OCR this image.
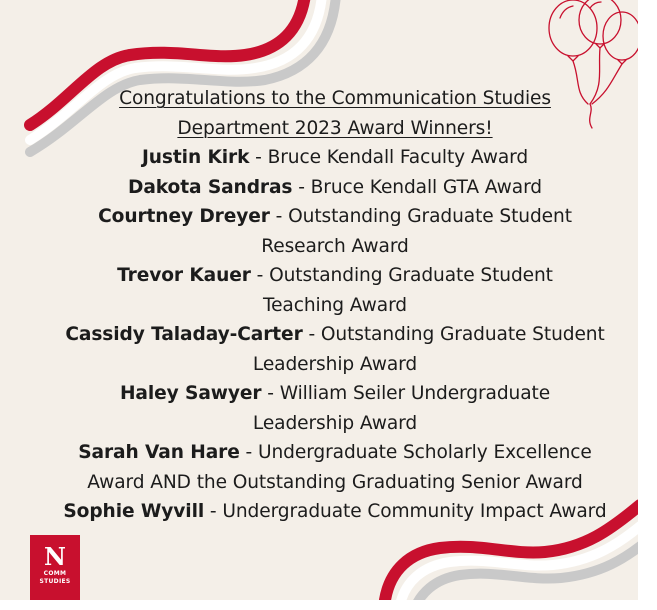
Congratulations to the Communication Studies
Department 2023 Award Winners!
Justin Kirk - Bruce Kendall Faculty Award
Dakota Sandras - Bruce Kendall GTA Award
Courtney Dreyer - Outstanding Graduate Student
Research Award
Trevor Kauer - Outstanding Graduate Student
Teaching Award
Cassidy Taladay-Carter - Outstanding Graduate Student
Leadership Award
Haley Sawyer - William Seiler Undergraduate
Leadership Award
Sarah Van Hare - Undergraduate Scholarly Excellence
Award AND the Outstanding Graduating Senior Award
Sophie Wyvill - Undergraduate Community Impact Award
N
COMM
STUDIES
